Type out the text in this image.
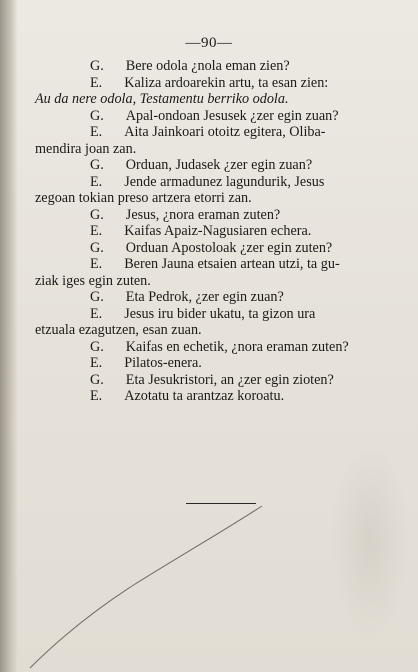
—90—
G. Bere odola ¿nola eman zien?
E. Kaliza ardoarekin artu, ta esan zien:
Au da nere odola, Testamentu berriko odola.
G. Apal-ondoan Jesusek ¿zer egin zuan?
E. Aita Jainkoari otoitz egitera, Oliba-
mendira joan zan.
G. Orduan, Judasek ¿zer egin zuan?
E. Jende armadunez lagundurik, Jesus
zegoan tokian preso artzera etorri zan.
G. Jesus, ¿nora eraman zuten?
E. Kaifas Apaiz-Nagusiaren echera.
G. Orduan Apostoloak ¿zer egin zuten?
E. Beren Jauna etsaien artean utzi, ta gu-
ziak iges egin zuten.
G. Eta Pedrok, ¿zer egin zuan?
E. Jesus iru bider ukatu, ta gizon ura
etzuala ezagutzen, esan zuan.
G. Kaifas en echetik, ¿nora eraman zuten?
E. Pilatos-enera.
G. Eta Jesukristori, an ¿zer egin zioten?
E. Azotatu ta arantzaz koroatu.
